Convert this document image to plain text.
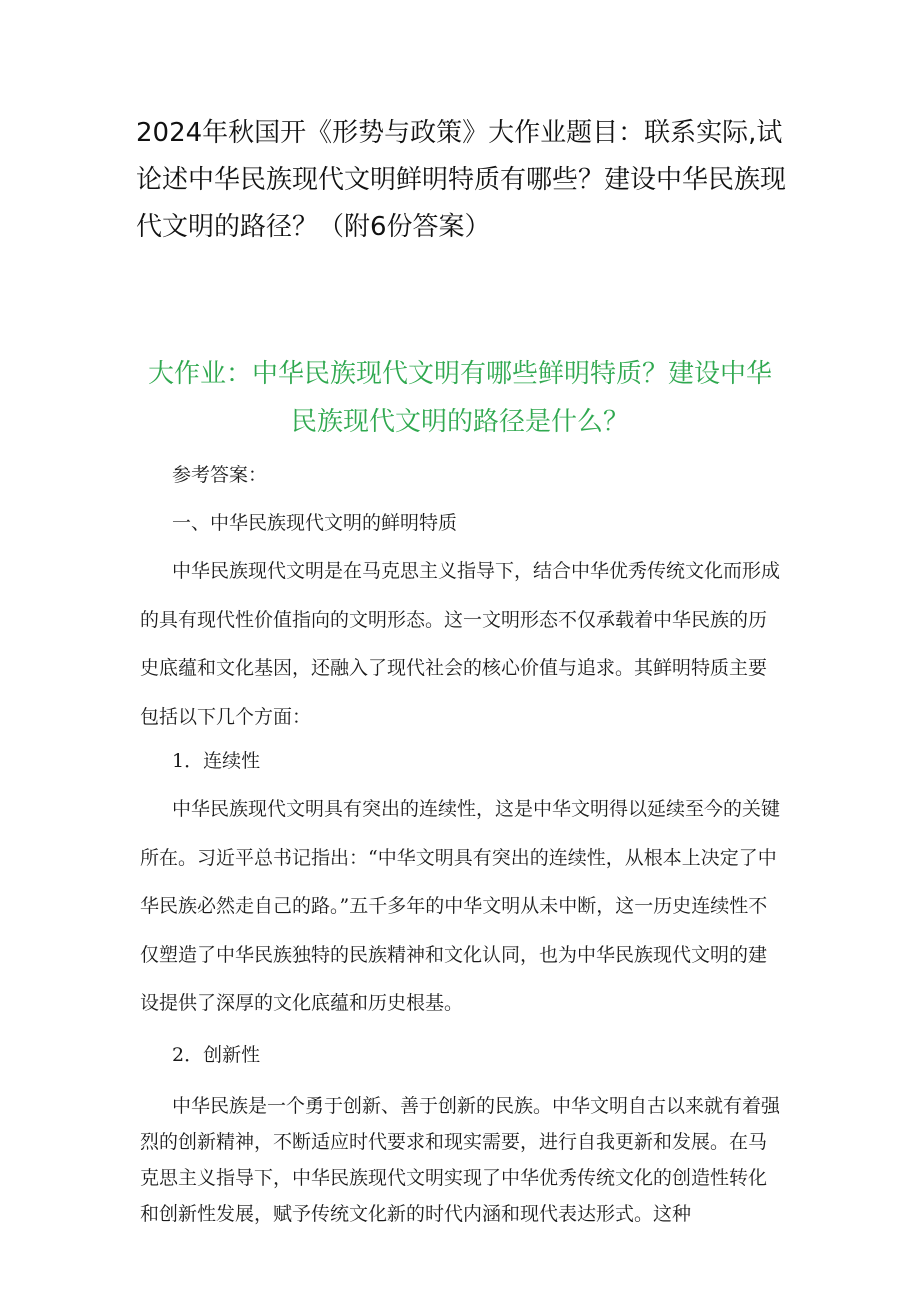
2024年秋国开《形势与政策》大作业题目：联系实际,试论述中华民族现代文明鲜明特质有哪些？建设中华民族现代文明的路径？（附6份答案）
大作业：中华民族现代文明有哪些鲜明特质？建设中华民族现代文明的路径是什么？

参考答案：

一、中华民族现代文明的鲜明特质

中华民族现代文明是在马克思主义指导下，结合中华优秀传统文化而形成的具有现代性价值指向的文明形态。这一文明形态不仅承载着中华民族的历史底蕴和文化基因，还融入了现代社会的核心价值与追求。其鲜明特质主要包括以下几个方面：

1．连续性

中华民族现代文明具有突出的连续性，这是中华文明得以延续至今的关键所在。习近平总书记指出：“中华文明具有突出的连续性，从根本上决定了中华民族必然走自己的路。”五千多年的中华文明从未中断，这一历史连续性不仅塑造了中华民族独特的民族精神和文化认同，也为中华民族现代文明的建设提供了深厚的文化底蕴和历史根基。

2．创新性

中华民族是一个勇于创新、善于创新的民族。中华文明自古以来就有着强烈的创新精神，不断适应时代要求和现实需要，进行自我更新和发展。在马克思主义指导下，中华民族现代文明实现了中华优秀传统文化的创造性转化和创新性发展，赋予传统文化新的时代内涵和现代表达形式。这种
